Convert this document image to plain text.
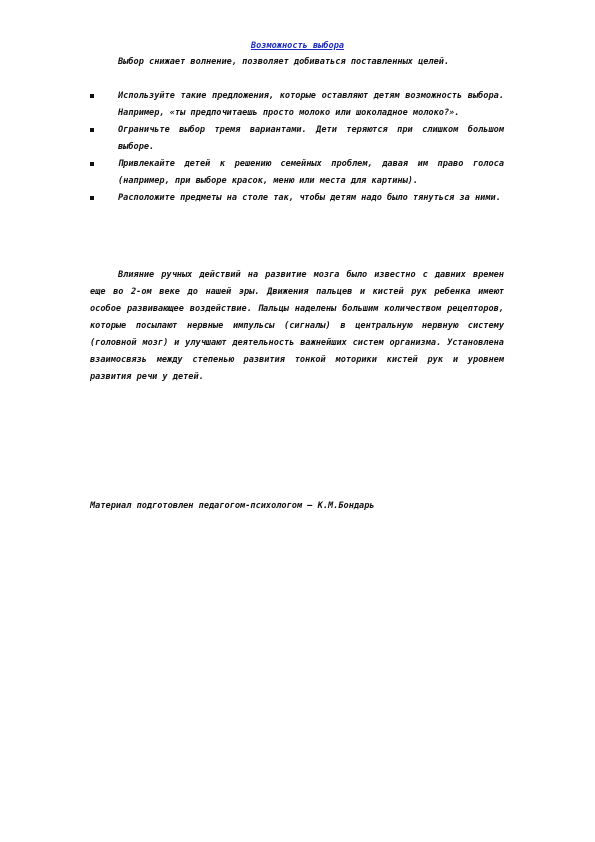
Возможность выбора
Выбор снижает волнение, позволяет добиваться поставленных целей.
Используйте такие предложения, которые оставляют детям возможность выбора. Например, «ты предпочитаешь просто молоко или шоколадное молоко?».
Ограничьте выбор тремя вариантами. Дети теряются при слишком большом выборе.
Привлекайте детей к решению семейных проблем, давая им право голоса (например, при выборе красок, меню или места для картины).
Расположите предметы на столе так, чтобы детям надо было тянуться за ними.
Влияние ручных действий на развитие мозга было известно с давних времен еще во 2-ом веке до нашей эры. Движения пальцев и кистей рук ребенка имеют особое развивающее воздействие. Пальцы наделены большим количеством рецепторов, которые посылают нервные импульсы (сигналы) в центральную нервную систему (головной мозг) и улучшают деятельность важнейших систем организма. Установлена взаимосвязь между степенью развития тонкой моторики кистей рук и уровнем развития речи у детей.
Материал подготовлен педагогом-психологом – К.М.Бондарь
